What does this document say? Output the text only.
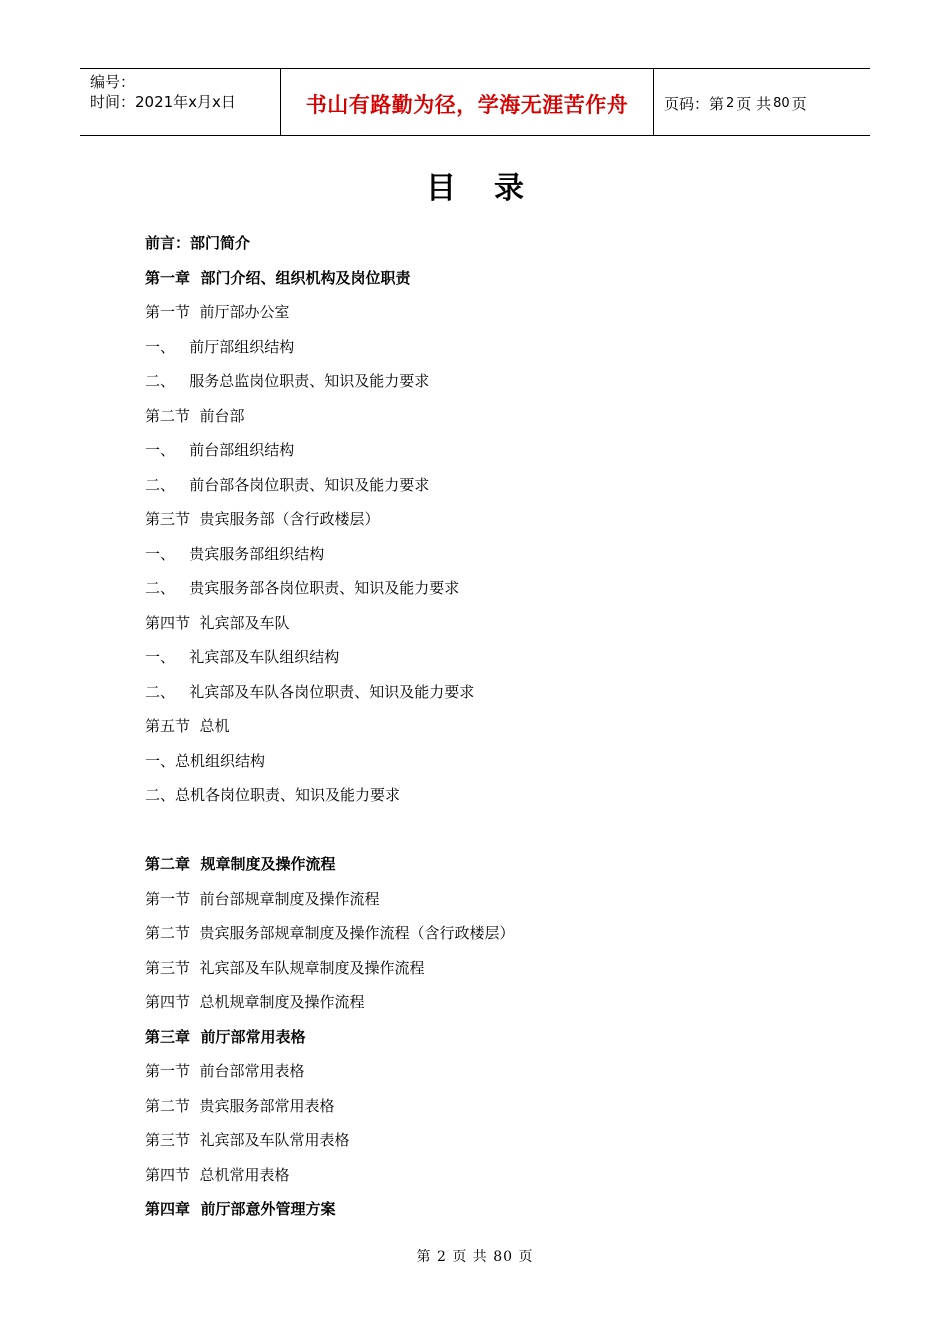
编号：
时间：2021年x月x日	书山有路勤为径，学海无涯苦作舟 页码：第 2 页 共 80 页
目录
前言：部门简介
第一章  部门介绍、组织机构及岗位职责
第一节  前厅部办公室
一、   前厅部组织结构
二、   服务总监岗位职责、知识及能力要求
第二节  前台部
一、   前台部组织结构
二、   前台部各岗位职责、知识及能力要求
第三节  贵宾服务部（含行政楼层）
一、   贵宾服务部组织结构
二、   贵宾服务部各岗位职责、知识及能力要求
第四节  礼宾部及车队
一、   礼宾部及车队组织结构
二、   礼宾部及车队各岗位职责、知识及能力要求
第五节  总机
一、总机组织结构
二、总机各岗位职责、知识及能力要求
第二章  规章制度及操作流程
第一节  前台部规章制度及操作流程
第二节  贵宾服务部规章制度及操作流程（含行政楼层）
第三节  礼宾部及车队规章制度及操作流程
第四节  总机规章制度及操作流程
第三章  前厅部常用表格
第一节  前台部常用表格
第二节  贵宾服务部常用表格
第三节  礼宾部及车队常用表格
第四节  总机常用表格
第四章  前厅部意外管理方案
第 2 页 共 80 页
